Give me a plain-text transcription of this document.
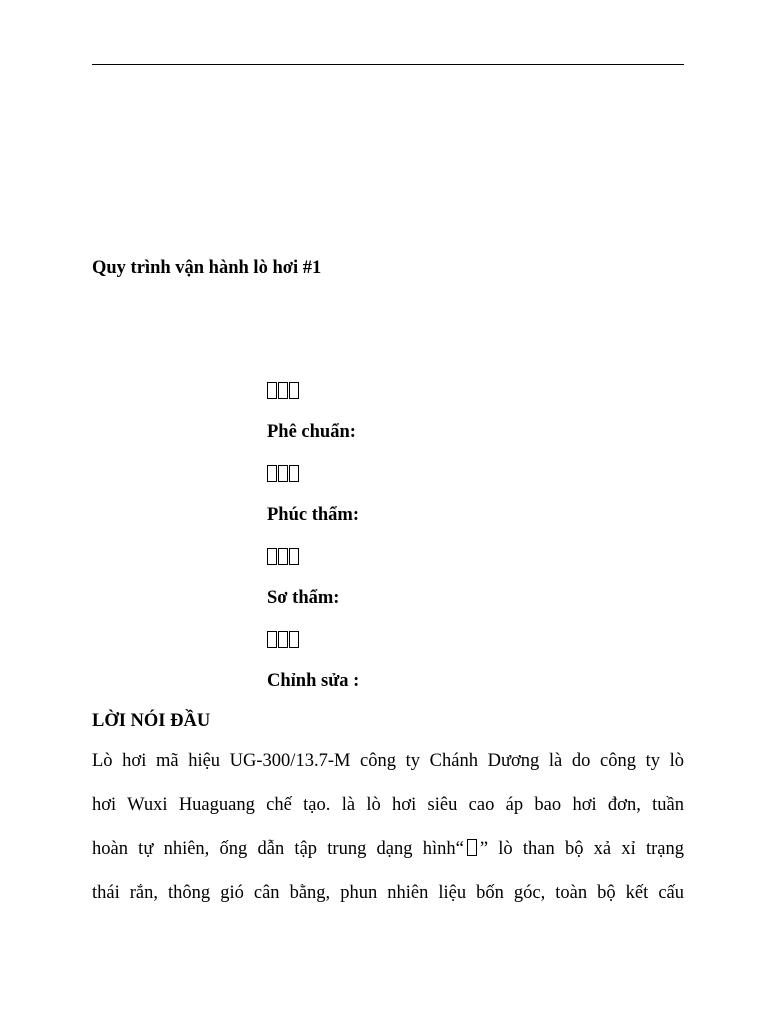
Quy trình vận hành lò hơi #1
Phê chuẩn:
Phúc thẩm:
Sơ thẩm:
Chỉnh sửa :
LỜI NÓI ĐẦU
Lò hơi mã hiệu UG-300/13.7-M công ty Chánh Dương là do công ty lò
hơi Wuxi Huaguang chế tạo. là lò hơi siêu cao áp bao hơi đơn, tuần
hoàn tự nhiên, ống dẫn tập trung dạng hình“ ” lò than bộ xả xỉ trạng
thái rắn, thông gió cân bằng, phun nhiên liệu bốn góc, toàn bộ kết cấu
